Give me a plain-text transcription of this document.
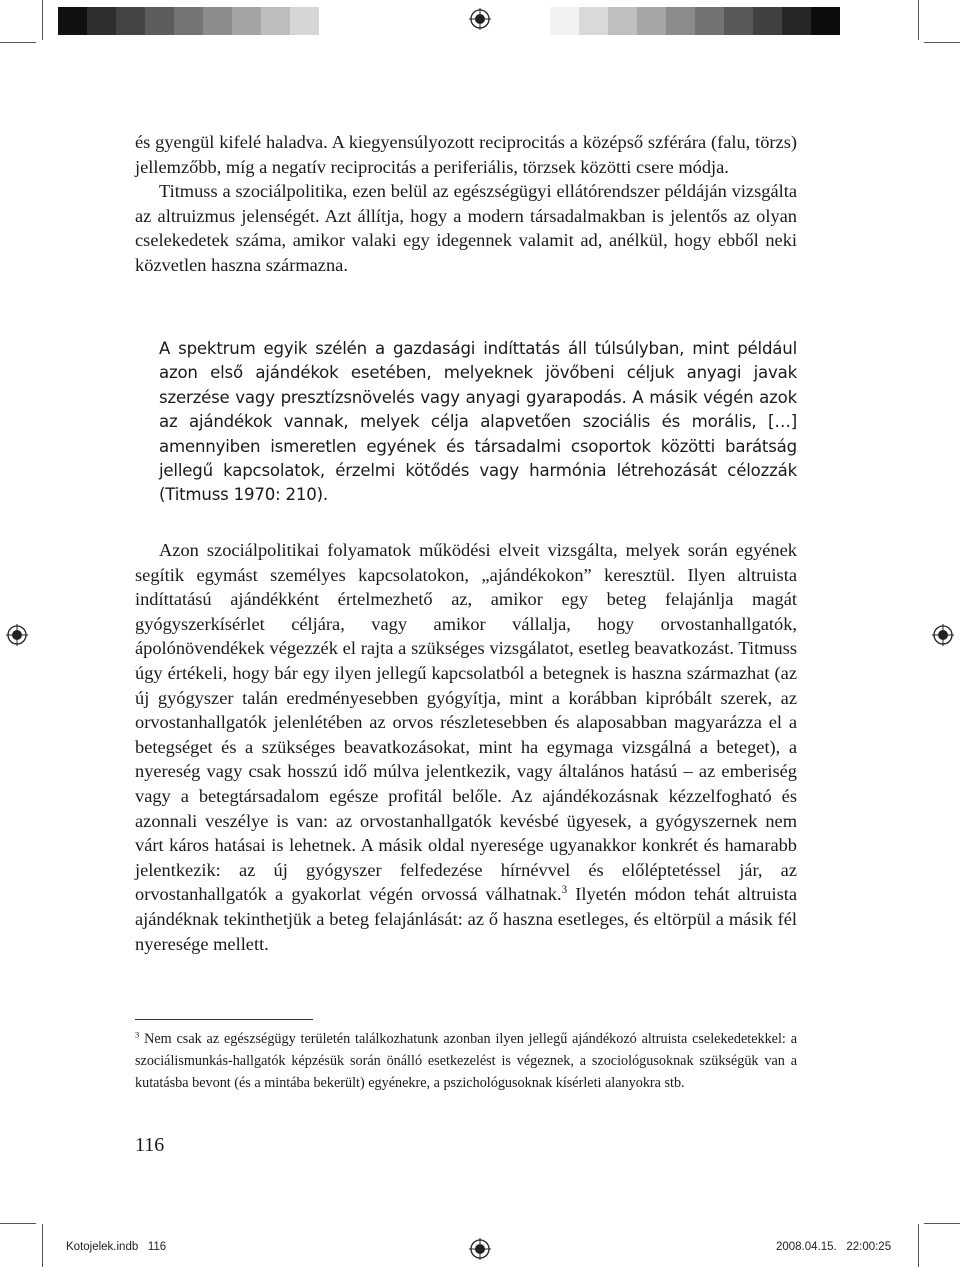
és gyengül kifelé haladva. A kiegyensúlyozott reciprocitás a középső szférára (falu, törzs) jellemzőbb, míg a negatív reciprocitás a periferiális, törzsek közötti csere módja.

Titmuss a szociálpolitika, ezen belül az egészségügyi ellátórendszer példáján vizsgálta az altruizmus jelenségét. Azt állítja, hogy a modern társadalmakban is jelentős az olyan cselekedetek száma, amikor valaki egy idegennek valamit ad, anélkül, hogy ebből neki közvetlen haszna származna.

A spektrum egyik szélén a gazdasági indíttatás áll túlsúlyban, mint például azon első ajándékok esetében, melyeknek jövőbeni céljuk anyagi javak szerzése vagy presztízsnövelés vagy anyagi gyarapodás. A másik végén azok az ajándékok vannak, melyek célja alapvetően szociális és morális, […] amennyiben ismeretlen egyének és társadalmi csoportok közötti barátság jellegű kapcsolatok, érzelmi kötődés vagy harmónia létrehozását célozzák (Titmuss 1970: 210).

Azon szociálpolitikai folyamatok működési elveit vizsgálta, melyek során egyének segítik egymást személyes kapcsolatokon, „ajándékokon” keresztül. Ilyen altruista indíttatású ajándékként értelmezhető az, amikor egy beteg felajánlja magát gyógyszerkísérlet céljára, vagy amikor vállalja, hogy orvostanhallgatók, ápolónövendékek végezzék el rajta a szükséges vizsgálatot, esetleg beavatkozást. Titmuss úgy értékeli, hogy bár egy ilyen jellegű kapcsolatból a betegnek is haszna származhat (az új gyógyszer talán eredményesebben gyógyítja, mint a korábban kipróbált szerek, az orvostanhallgatók jelenlétében az orvos részletesebben és alaposabban magyarázza el a betegséget és a szükséges beavatkozásokat, mint ha egymaga vizsgálná a beteget), a nyereség vagy csak hosszú idő múlva jelentkezik, vagy általános hatású – az emberiség vagy a betegtársadalom egésze profitál belőle. Az ajándékozásnak kézzelfogható és azonnali veszélye is van: az orvostanhallgatók kevésbé ügyesek, a gyógyszernek nem várt káros hatásai is lehetnek. A másik oldal nyeresége ugyanakkor konkrét és hamarabb jelentkezik: az új gyógyszer felfedezése hírnévvel és előléptetéssel jár, az orvostanhallgatók a gyakorlat végén orvossá válhatnak.$^3$ Ilyetén módon tehát altruista ajándéknak tekinthetjük a beteg felajánlását: az ő haszna esetleges, és eltörpül a másik fél nyeresége mellett.

$^3$ Nem csak az egészségügy területén találkozhatunk azonban ilyen jellegű ajándékozó altruista cselekedetekkel: a szociálismunkás-hallgatók képzésük során önálló esetkezelést is végeznek, a szociológusoknak szükségük van a kutatásba bevont (és a mintába bekerült) egyénekre, a pszichológusoknak kísérleti alanyokra stb.

116
Kotojelek.indb   116	2008.04.15.   22:00:25
